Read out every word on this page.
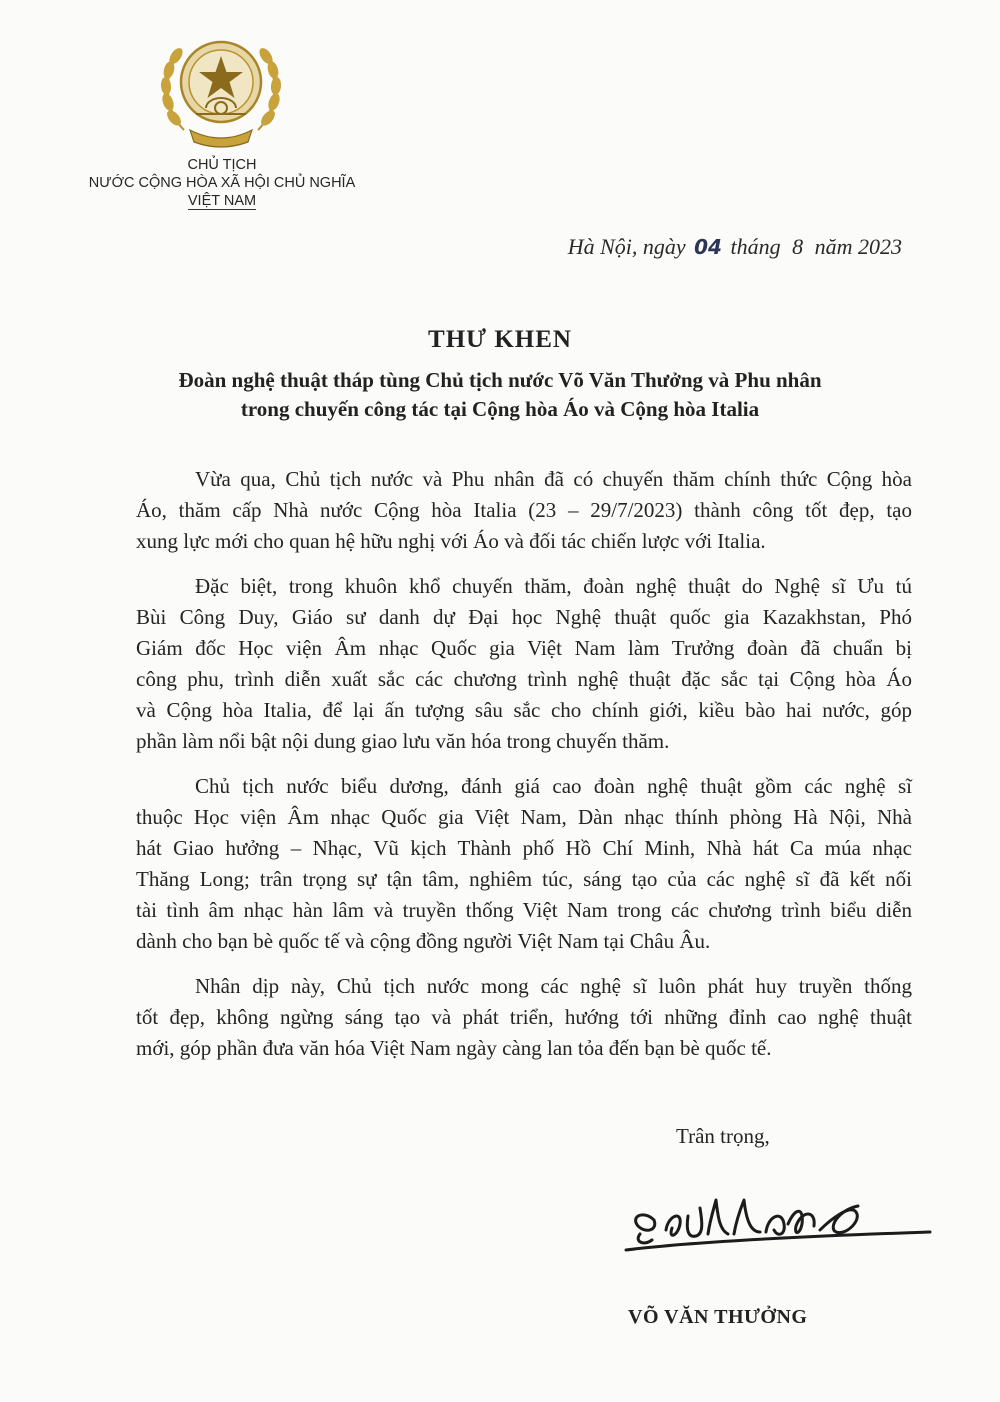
CHỦ TỊCH
NƯỚC CỘNG HÒA XÃ HỘI CHỦ NGHĨA
VIỆT NAM
Hà Nội, ngày 04 tháng 8 năm 2023
THƯ KHEN
Đoàn nghệ thuật tháp tùng Chủ tịch nước Võ Văn Thưởng và Phu nhân
trong chuyến công tác tại Cộng hòa Áo và Cộng hòa Italia
Vừa qua, Chủ tịch nước và Phu nhân đã có chuyến thăm chính thức Cộng hòa
Áo, thăm cấp Nhà nước Cộng hòa Italia (23 – 29/7/2023) thành công tốt đẹp, tạo
xung lực mới cho quan hệ hữu nghị với Áo và đối tác chiến lược với Italia.
Đặc biệt, trong khuôn khổ chuyến thăm, đoàn nghệ thuật do Nghệ sĩ Ưu tú
Bùi Công Duy, Giáo sư danh dự Đại học Nghệ thuật quốc gia Kazakhstan, Phó
Giám đốc Học viện Âm nhạc Quốc gia Việt Nam làm Trưởng đoàn đã chuẩn bị
công phu, trình diễn xuất sắc các chương trình nghệ thuật đặc sắc tại Cộng hòa Áo
và Cộng hòa Italia, để lại ấn tượng sâu sắc cho chính giới, kiều bào hai nước, góp
phần làm nổi bật nội dung giao lưu văn hóa trong chuyến thăm.
Chủ tịch nước biểu dương, đánh giá cao đoàn nghệ thuật gồm các nghệ sĩ
thuộc Học viện Âm nhạc Quốc gia Việt Nam, Dàn nhạc thính phòng Hà Nội, Nhà
hát Giao hưởng – Nhạc, Vũ kịch Thành phố Hồ Chí Minh, Nhà hát Ca múa nhạc
Thăng Long; trân trọng sự tận tâm, nghiêm túc, sáng tạo của các nghệ sĩ đã kết nối
tài tình âm nhạc hàn lâm và truyền thống Việt Nam trong các chương trình biểu diễn
dành cho bạn bè quốc tế và cộng đồng người Việt Nam tại Châu Âu.
Nhân dịp này, Chủ tịch nước mong các nghệ sĩ luôn phát huy truyền thống
tốt đẹp, không ngừng sáng tạo và phát triển, hướng tới những đỉnh cao nghệ thuật
mới, góp phần đưa văn hóa Việt Nam ngày càng lan tỏa đến bạn bè quốc tế.
Trân trọng,
VÕ VĂN THƯỞNG
